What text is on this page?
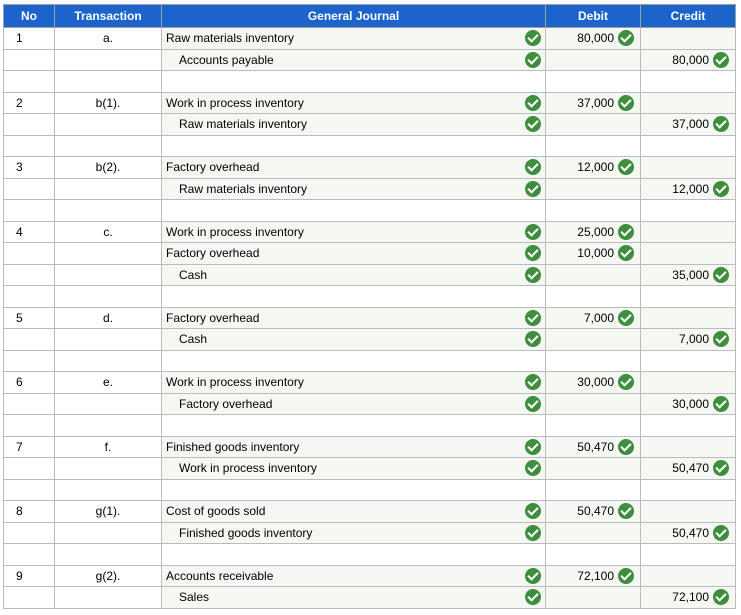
No	Transaction	General Journal	Debit	Credit
1	a.	Raw materials inventory	80,000	
		Accounts payable		80,000

2	b(1).	Work in process inventory	37,000	
		Raw materials inventory		37,000

3	b(2).	Factory overhead	12,000	
		Raw materials inventory		12,000

4	c.	Work in process inventory	25,000	
		Factory overhead	10,000	
		Cash		35,000

5	d.	Factory overhead	7,000	
		Cash		7,000

6	e.	Work in process inventory	30,000	
		Factory overhead		30,000

7	f.	Finished goods inventory	50,470	
		Work in process inventory		50,470

8	g(1).	Cost of goods sold	50,470	
		Finished goods inventory		50,470

9	g(2).	Accounts receivable	72,100	
		Sales		72,100
